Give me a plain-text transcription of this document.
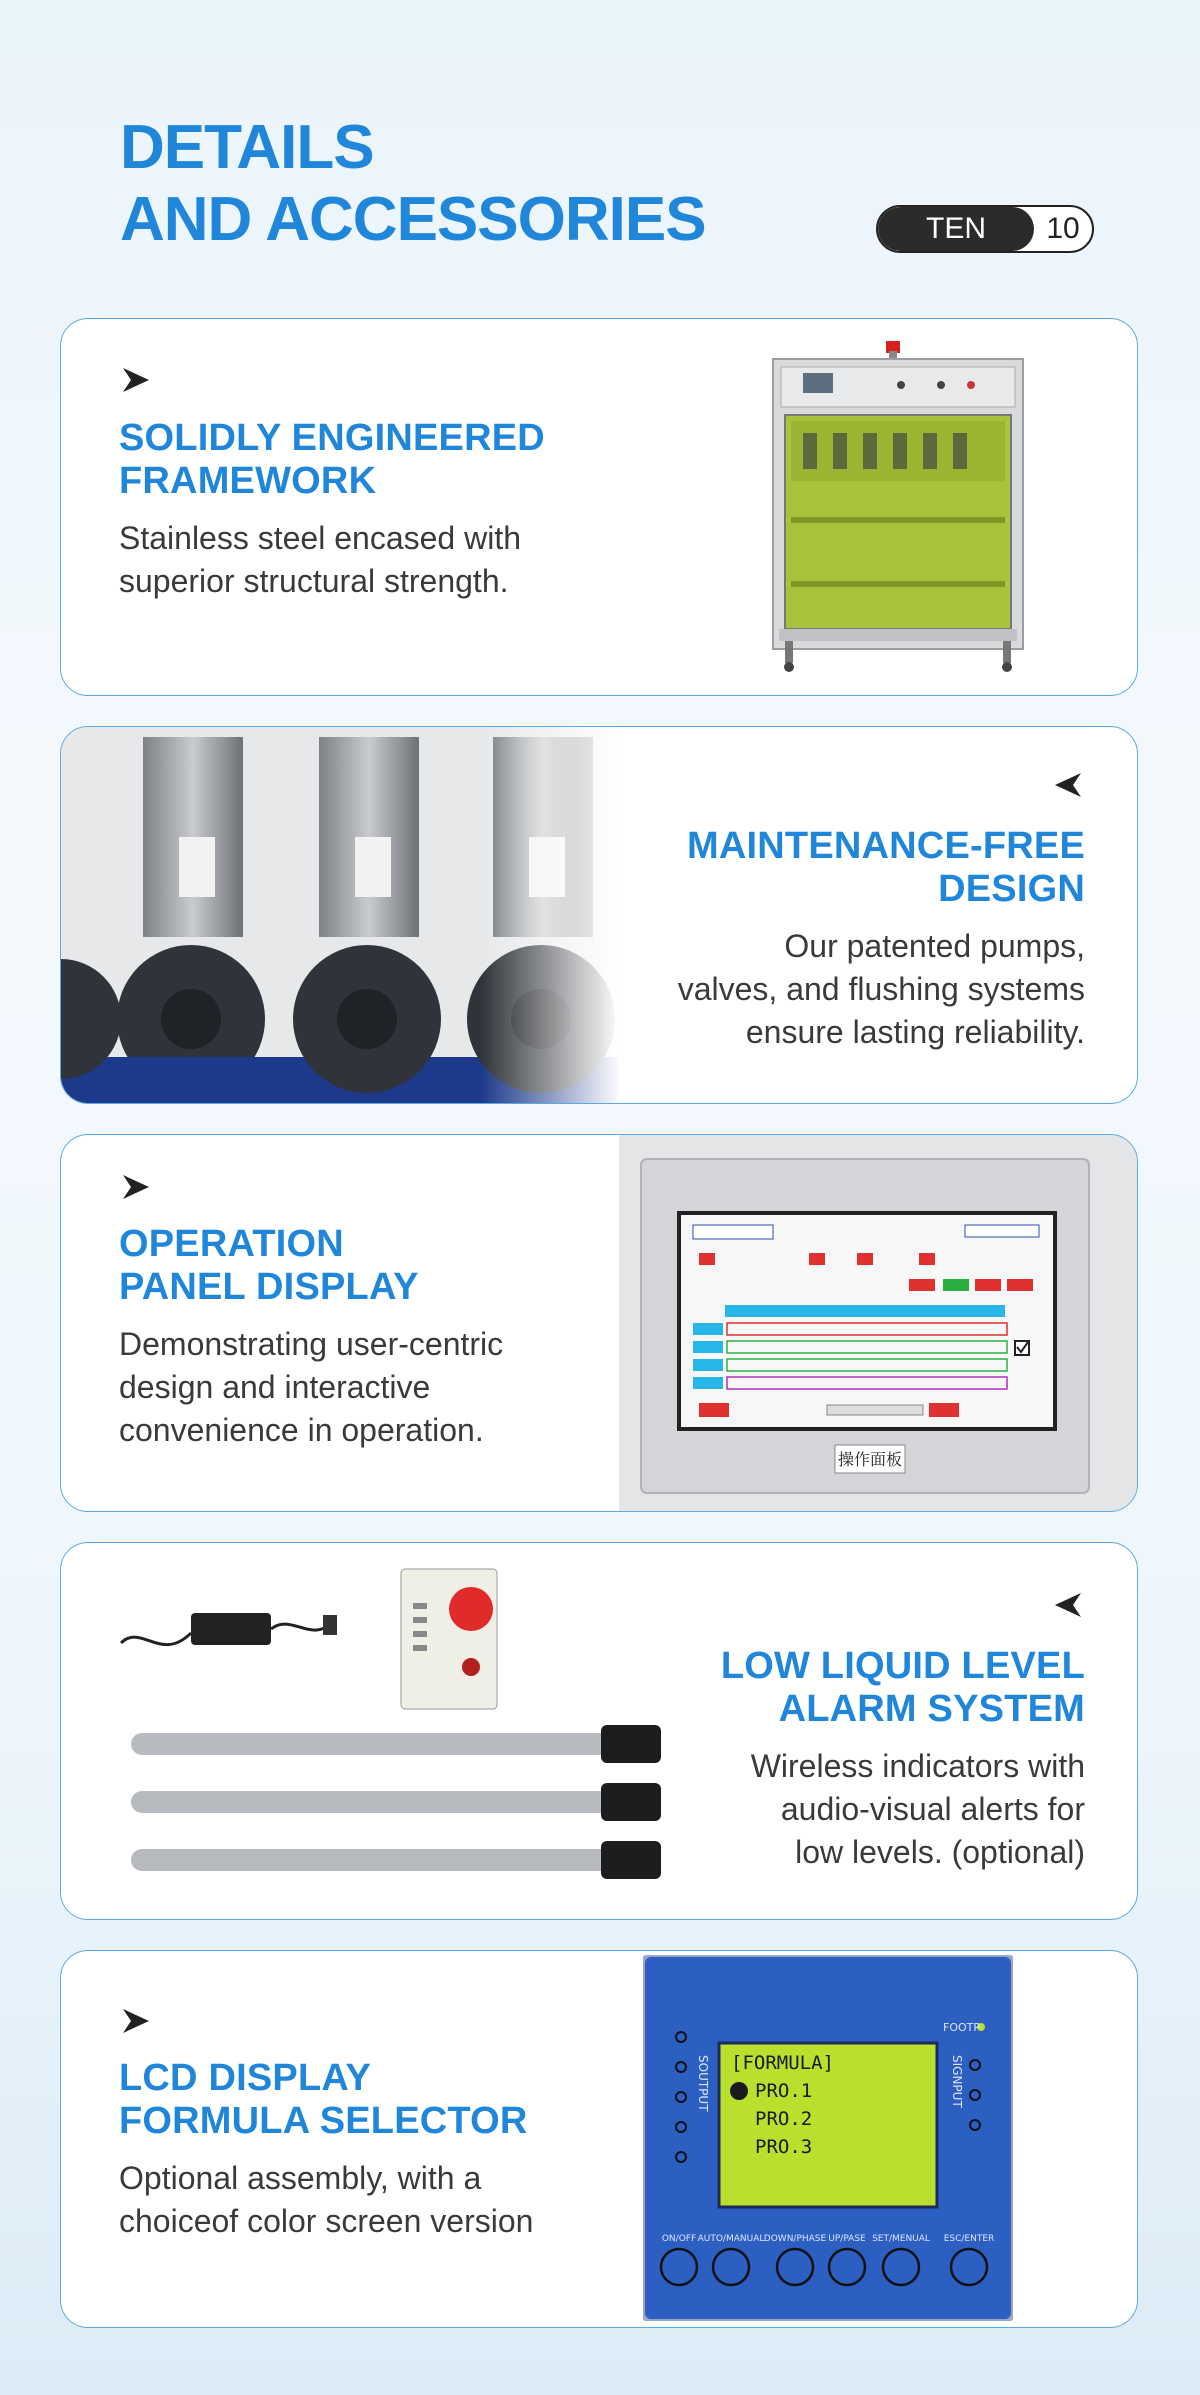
DETAILS
AND ACCESSORIES	TEN	10
SOLIDLY ENGINEERED
FRAMEWORK
Stainless steel encased with
superior structural strength.
MAINTENANCE-FREE
DESIGN
Our patented pumps,
valves, and flushing systems
ensure lasting reliability.
OPERATION
PANEL DISPLAY
Demonstrating user-centric
design and interactive
convenience in operation.
操作面板
LOW LIQUID LEVEL
ALARM SYSTEM
Wireless indicators with
audio-visual alerts for
low levels. (optional)
LCD DISPLAY
FORMULA SELECTOR
Optional assembly, with a
choiceof color screen version
[FORMULA]
PRO.1
PRO.2
PRO.3
FOOTP
SOUTPUT	SIGNPUT
ON/OFF AUTO/MANUAL DOWN/PHASE UP/PASE SET/MENUAL ESC/ENTER
